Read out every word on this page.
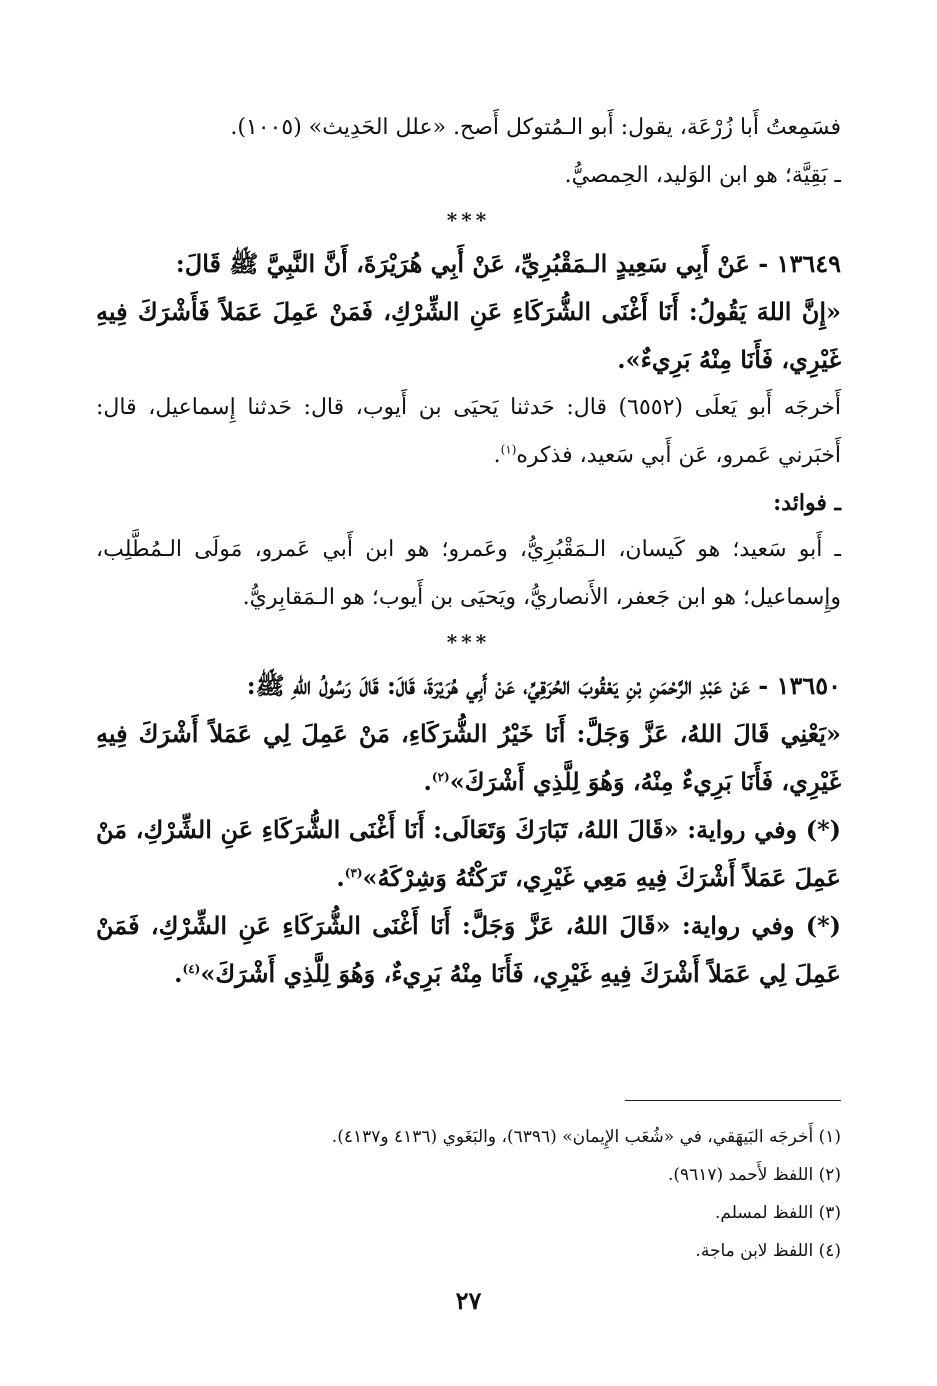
فسَمِعتُ أَبا زُرْعَة، يقول: أَبو الـمُتوكل أَصح. «علل الحَدِيث» (١٠٠٥).

ـ بَقِيَّة؛ هو ابن الوَليد، الحِمصيُّ.

***

١٣٦٤٩ - عَنْ أَبِي سَعِيدٍ الـمَقْبُرِيِّ، عَنْ أَبِي هُرَيْرَةَ، أَنَّ النَّبِيَّ ﷺ قَالَ:

«إِنَّ اللهَ يَقُولُ: أَنَا أَغْنَى الشُّرَكَاءِ عَنِ الشِّرْكِ، فَمَنْ عَمِلَ عَمَلاً فَأَشْرَكَ فِيهِ غَيْرِي، فَأَنَا مِنْهُ بَرِيءٌ».

أَخرجَه أَبو يَعلَى (٦٥٥٢) قال: حَدثنا يَحيَى بن أَيوب، قال: حَدثنا إِسماعيل، قال: أَخبَرني عَمرو، عَن أَبي سَعيد، فذكره$^{(١)}$.

ـ فوائد:

ـ أَبو سَعيد؛ هو كَيسان، الـمَقْبُرِيُّ، وعَمرو؛ هو ابن أَبي عَمرو، مَولَى الـمُطَّلِب، وإِسماعيل؛ هو ابن جَعفر، الأَنصاريُّ، ويَحيَى بن أَيوب؛ هو الـمَقابِريُّ.

***

١٣٦٥٠ - عَنْ عَبْدِ الرَّحْمَنِ بْنِ يَعْقُوبَ الحُرَقِيِّ، عَنْ أَبِي هُرَيْرَةَ، قَالَ: قَالَ رَسُولُ اللهِ ﷺ:

«يَعْنِي قَالَ اللهُ، عَزَّ وَجَلَّ: أَنَا خَيْرُ الشُّرَكَاءِ، مَنْ عَمِلَ لِي عَمَلاً أَشْرَكَ فِيهِ غَيْرِي، فَأَنَا بَرِيءٌ مِنْهُ، وَهُوَ لِلَّذِي أَشْرَكَ»$^{(٢)}$.

(*) وفي رواية: «قَالَ اللهُ، تَبَارَكَ وَتَعَالَى: أَنَا أَغْنَى الشُّرَكَاءِ عَنِ الشِّرْكِ، مَنْ عَمِلَ عَمَلاً أَشْرَكَ فِيهِ مَعِي غَيْرِي، تَرَكْتُهُ وَشِرْكَهُ»$^{(٣)}$.

(*) وفي رواية: «قَالَ اللهُ، عَزَّ وَجَلَّ: أَنَا أَغْنَى الشُّرَكَاءِ عَنِ الشِّرْكِ، فَمَنْ عَمِلَ لِي عَمَلاً أَشْرَكَ فِيهِ غَيْرِي، فَأَنَا مِنْهُ بَرِيءٌ، وَهُوَ لِلَّذِي أَشْرَكَ»$^{(٤)}$.

(١) أَخرجَه البَيهَقي، في «شُعَب الإِيمان» (٦٣٩٦)، والبَغَوي (٤١٣٦ و٤١٣٧).

(٢) اللفظ لأَحمد (٩٦١٧).

(٣) اللفظ لمسلم.

(٤) اللفظ لابن ماجة.

٢٧
